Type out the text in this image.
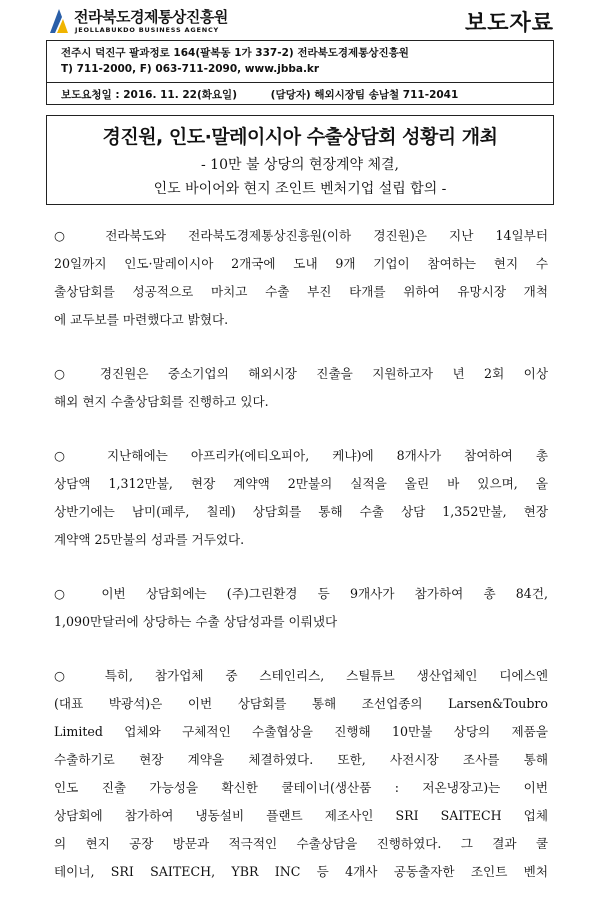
전라북도경제통상진흥원
JEOLLABUKDO BUSINESS AGENCY	보도자료
전주시 덕진구 팔과정로 164(팔복동 1가 337-2) 전라북도경제통상진흥원
T) 711-2000, F) 063-711-2090, www.jbba.kr
보도요청일 : 2016. 11. 22(화요일)	(담당자) 해외시장팀 송남철 711-2041
경진원, 인도·말레이시아 수출상담회 성황리 개최
- 10만 불 상당의 현장계약 체결,
인도 바이어와 현지 조인트 벤처기업 설립 합의 -
○ 전라북도와 전라북도경제통상진흥원(이하 경진원)은 지난 14일부터
20일까지 인도·말레이시아 2개국에 도내 9개 기업이 참여하는 현지 수
출상담회를 성공적으로 마치고 수출 부진 타개를 위하여 유망시장 개척
에 교두보를 마련했다고 밝혔다.
○ 경진원은 중소기업의 해외시장 진출을 지원하고자 년 2회 이상
해외 현지 수출상담회를 진행하고 있다.
○ 지난해에는 아프리카(에티오피아, 케냐)에 8개사가 참여하여 총
상담액 1,312만불, 현장 계약액 2만불의 실적을 올린 바 있으며, 올
상반기에는 남미(페루, 칠레) 상담회를 통해 수출 상담 1,352만불, 현장
계약액 25만불의 성과를 거두었다.
○ 이번 상담회에는 (주)그린환경 등 9개사가 참가하여 총 84건,
1,090만달러에 상당하는 수출 상담성과를 이뤄냈다
○ 특히, 참가업체 중 스테인리스, 스틸튜브 생산업체인 디에스엔
(대표 박광석)은 이번 상담회를 통해 조선업종의 Larsen&Toubro
Limited 업체와 구체적인 수출협상을 진행해 10만불 상당의 제품을
수출하기로 현장 계약을 체결하였다. 또한, 사전시장 조사를 통해
인도 진출 가능성을 확신한 쿨테이너(생산품 : 저온냉장고)는 이번
상담회에 참가하여 냉동설비 플랜트 제조사인 SRI SAITECH 업체
의 현지 공장 방문과 적극적인 수출상담을 진행하였다. 그 결과 쿨
테이너, SRI SAITECH, YBR INC 등 4개사 공동출자한 조인트 벤처
